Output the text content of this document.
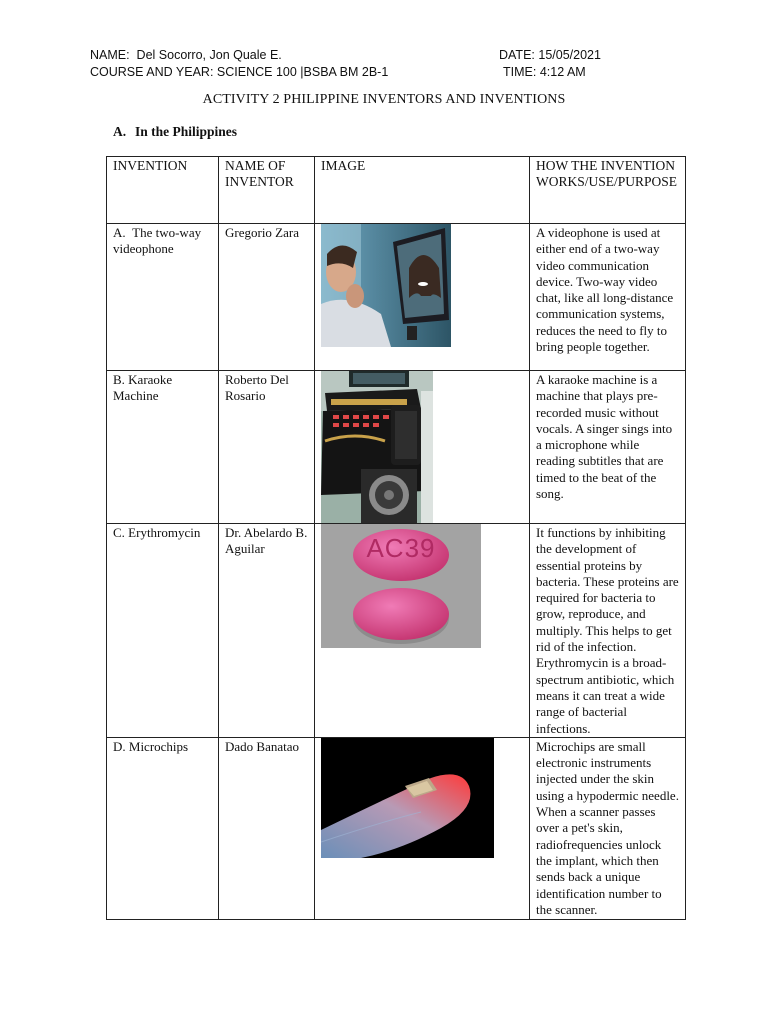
NAME: Del Socorro, Jon Quale E.
COURSE AND YEAR: SCIENCE 100 |BSBA BM 2B-1
DATE: 15/05/2021
TIME: 4:12 AM
ACTIVITY 2 PHILIPPINE INVENTORS AND INVENTIONS
A. In the Philippines
INVENTION	NAME OF INVENTOR	IMAGE	HOW THE INVENTION WORKS/USE/PURPOSE
A.  The two-way videophone	Gregorio Zara		A videophone is used at either end of a two-way video communication device. Two-way video chat, like all long-distance communication systems, reduces the need to fly to bring people together.
B. Karaoke Machine	Roberto Del Rosario		A karaoke machine is a machine that plays pre-recorded music without vocals. A singer sings into a microphone while reading subtitles that are timed to the beat of the song.
C. Erythromycin	Dr. Abelardo B. Aguilar	AC39	It functions by inhibiting the development of essential proteins by bacteria. These proteins are required for bacteria to grow, reproduce, and multiply. This helps to get rid of the infection. Erythromycin is a broad-spectrum antibiotic, which means it can treat a wide range of bacterial infections.
D. Microchips	Dado Banatao		Microchips are small electronic instruments injected under the skin using a hypodermic needle. When a scanner passes over a pet's skin, radiofrequencies unlock the implant, which then sends back a unique identification number to the scanner.
